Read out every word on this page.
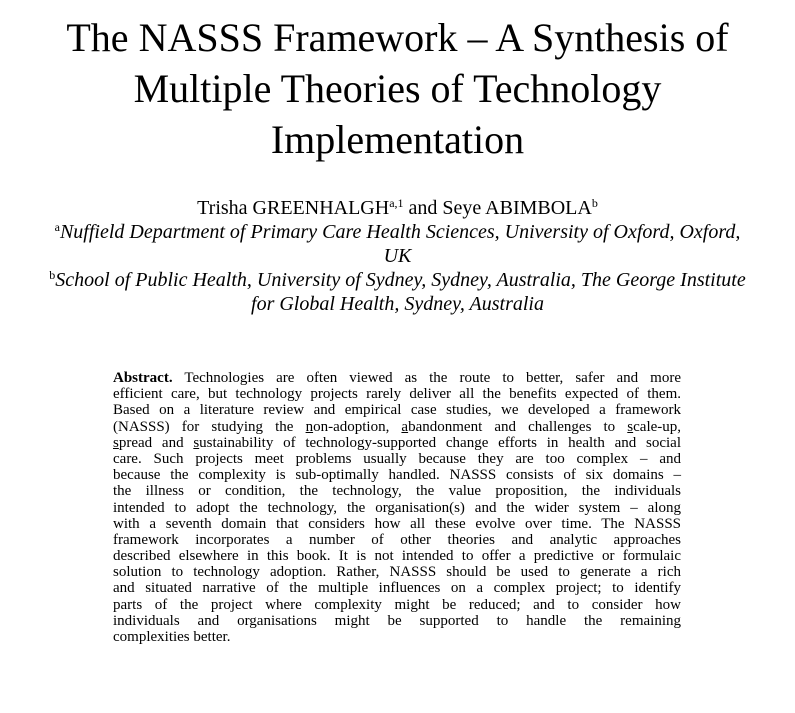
The NASSS Framework – A Synthesis of
Multiple Theories of Technology
Implementation
Trisha GREENHALGH$^{a,1}$ and Seye ABIMBOLA$^b$
$^a$Nuffield Department of Primary Care Health Sciences, University of Oxford, Oxford,
UK
$^b$School of Public Health, University of Sydney, Sydney, Australia, The George Institute
for Global Health, Sydney, Australia
Abstract. Technologies are often viewed as the route to better, safer and more
efficient care, but technology projects rarely deliver all the benefits expected of them.
Based on a literature review and empirical case studies, we developed a framework
(NASSS) for studying the non-adoption, abandonment and challenges to scale-up,
spread and sustainability of technology-supported change efforts in health and social
care. Such projects meet problems usually because they are too complex – and
because the complexity is sub-optimally handled. NASSS consists of six domains –
the illness or condition, the technology, the value proposition, the individuals
intended to adopt the technology, the organisation(s) and the wider system – along
with a seventh domain that considers how all these evolve over time. The NASSS
framework incorporates a number of other theories and analytic approaches
described elsewhere in this book. It is not intended to offer a predictive or formulaic
solution to technology adoption. Rather, NASSS should be used to generate a rich
and situated narrative of the multiple influences on a complex project; to identify
parts of the project where complexity might be reduced; and to consider how
individuals and organisations might be supported to handle the remaining
complexities better.
